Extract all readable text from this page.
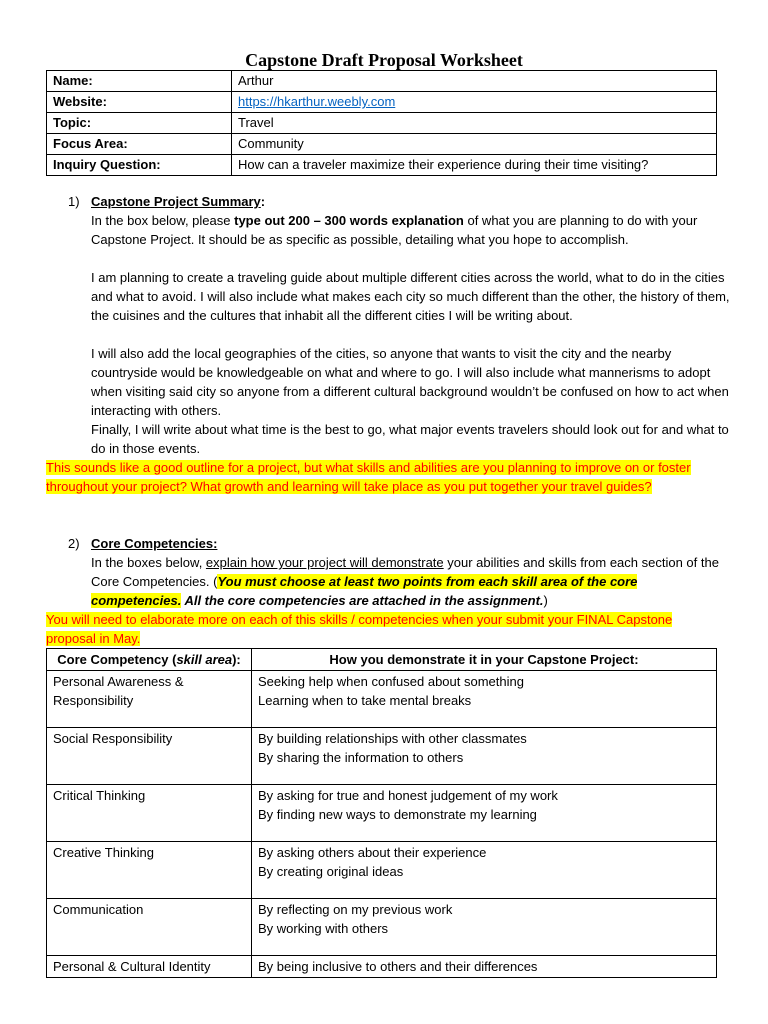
Capstone Draft Proposal Worksheet
Name:	Arthur
Website:	https://hkarthur.weebly.com
Topic:	Travel
Focus Area:	Community
Inquiry Question:	How can a traveler maximize their experience during their time visiting?
1) Capstone Project Summary:
In the box below, please type out 200 – 300 words explanation of what you are planning to do with your Capstone Project. It should be as specific as possible, detailing what you hope to accomplish.
I am planning to create a traveling guide about multiple different cities across the world, what to do in the cities and what to avoid. I will also include what makes each city so much different than the other, the history of them, the cuisines and the cultures that inhabit all the different cities I will be writing about.
I will also add the local geographies of the cities, so anyone that wants to visit the city and the nearby countryside would be knowledgeable on what and where to go. I will also include what mannerisms to adopt when visiting said city so anyone from a different cultural background wouldn’t be confused on how to act when interacting with others.
Finally, I will write about what time is the best to go, what major events travelers should look out for and what to do in those events.
This sounds like a good outline for a project, but what skills and abilities are you planning to improve on or foster throughout your project? What growth and learning will take place as you put together your travel guides?
2) Core Competencies:
In the boxes below, explain how your project will demonstrate your abilities and skills from each section of the Core Competencies. (You must choose at least two points from each skill area of the core competencies. All the core competencies are attached in the assignment.)
You will need to elaborate more on each of this skills / competencies when your submit your FINAL Capstone proposal in May.
Core Competency (skill area):	How you demonstrate it in your Capstone Project:
Personal Awareness & Responsibility	Seeking help when confused about something
Learning when to take mental breaks

Social Responsibility	By building relationships with other classmates
By sharing the information to others

Critical Thinking	By asking for true and honest judgement of my work
By finding new ways to demonstrate my learning

Creative Thinking	By asking others about their experience
By creating original ideas

Communication	By reflecting on my previous work
By working with others

Personal & Cultural Identity	By being inclusive to others and their differences
